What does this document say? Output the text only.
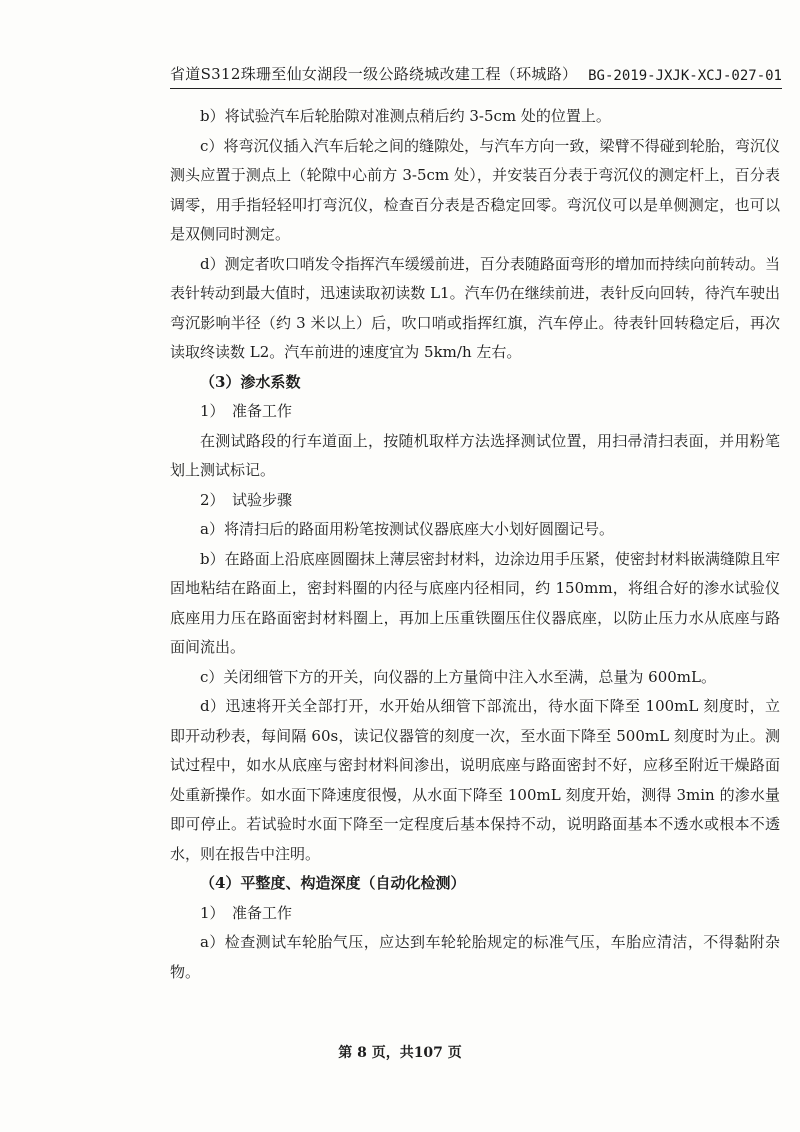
省道S312珠珊至仙女湖段一级公路绕城改建工程（环城路） BG-2019-JXJK-XCJ-027-01

b）将试验汽车后轮胎隙对准测点稍后约 3-5cm 处的位置上。

c）将弯沉仪插入汽车后轮之间的缝隙处，与汽车方向一致，梁臂不得碰到轮胎，弯沉仪测头应置于测点上（轮隙中心前方 3-5cm 处），并安装百分表于弯沉仪的测定杆上，百分表调零，用手指轻轻叩打弯沉仪，检查百分表是否稳定回零。弯沉仪可以是单侧测定，也可以是双侧同时测定。

d）测定者吹口哨发令指挥汽车缓缓前进，百分表随路面弯形的增加而持续向前转动。当表针转动到最大值时，迅速读取初读数 L1。汽车仍在继续前进，表针反向回转，待汽车驶出弯沉影响半径（约 3 米以上）后，吹口哨或指挥红旗，汽车停止。待表针回转稳定后，再次读取终读数 L2。汽车前进的速度宜为 5km/h 左右。

（3）渗水系数

1）　准备工作

在测试路段的行车道面上，按随机取样方法选择测试位置，用扫帚清扫表面，并用粉笔划上测试标记。

2）　试验步骤

a）将清扫后的路面用粉笔按测试仪器底座大小划好圆圈记号。

b）在路面上沿底座圆圈抹上薄层密封材料，边涂边用手压紧，使密封材料嵌满缝隙且牢固地粘结在路面上，密封料圈的内径与底座内径相同，约 150mm，将组合好的渗水试验仪底座用力压在路面密封材料圈上，再加上压重铁圈压住仪器底座，以防止压力水从底座与路面间流出。

c）关闭细管下方的开关，向仪器的上方量筒中注入水至满，总量为 600mL。

d）迅速将开关全部打开，水开始从细管下部流出，待水面下降至 100mL 刻度时，立即开动秒表，每间隔 60s，读记仪器管的刻度一次，至水面下降至 500mL 刻度时为止。测试过程中，如水从底座与密封材料间渗出，说明底座与路面密封不好，应移至附近干燥路面处重新操作。如水面下降速度很慢，从水面下降至 100mL 刻度开始，测得 3min 的渗水量即可停止。若试验时水面下降至一定程度后基本保持不动，说明路面基本不透水或根本不透水，则在报告中注明。

（4）平整度、构造深度（自动化检测）

1）　准备工作

a）检查测试车轮胎气压，应达到车轮轮胎规定的标准气压，车胎应清洁，不得黏附杂物。

第 8 页，共107 页
